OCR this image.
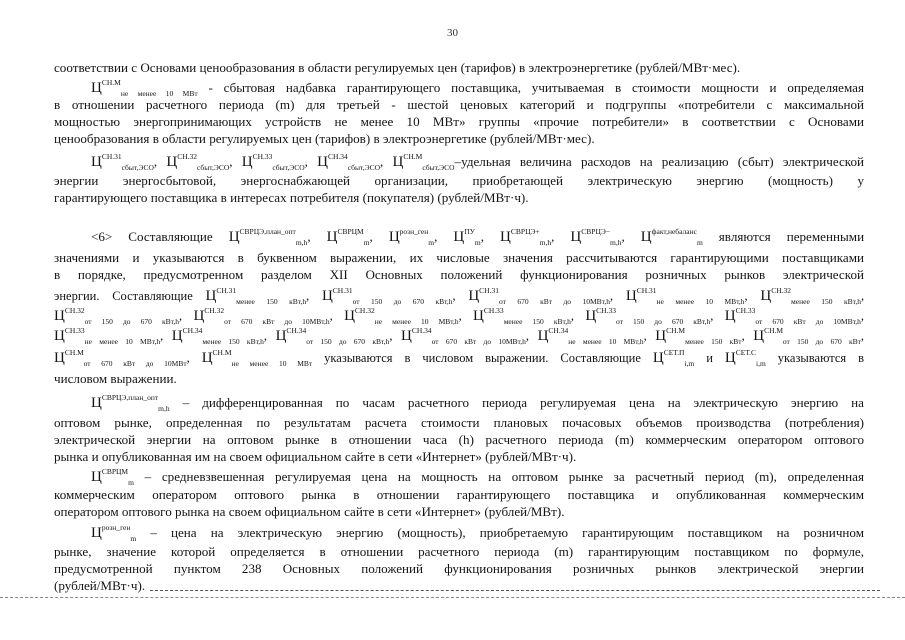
30
соответствии с Основами ценообразования в области регулируемых цен (тарифов) в электроэнергетике (рублей/МВт·мес).
$Ц^{СН.М}_{не менее 10 МВт}$ - сбытовая надбавка гарантирующего поставщика, учитываемая в стоимости мощности и определяемая
в отношении расчетного периода (m) для третьей - шестой ценовых категорий и подгруппы «потребители с максимальной
мощностью энергопринимающих устройств не менее 10 МВт» группы «прочие потребители» в соответствии с Основами
ценообразования в области регулируемых цен (тарифов) в электроэнергетике (рублей/МВт·мес).
$Ц^{СН.31}_{сбыт,ЭСО}$, $Ц^{СН.32}_{сбыт,ЭСО}$, $Ц^{СН.33}_{сбыт,ЭСО}$, $Ц^{СН.34}_{сбыт,ЭСО}$, $Ц^{СН.М}_{сбыт,ЭСО}$–удельная величина расходов на реализацию (сбыт) электрической
энергии энергосбытовой, энергоснабжающей организации, приобретающей электрическую энергию (мощность) у
гарантирующего поставщика в интересах потребителя (покупателя) (рублей/МВт·ч).
<6> Составляющие $Ц^{СВРЦЭ,план\_опт}_{m,h}$, $Ц^{СВРЦМ}_m$, $Ц^{розн\_ген}_m$, $Ц^{ПУ}_m$, $Ц^{СВРЦЭ+}_{m,h}$, $Ц^{СВРЦЭ-}_{m,h}$, $Ц^{факт,небаланс}_m$ являются переменными
значениями и указываются в буквенном выражении, их числовые значения рассчитываются гарантирующими поставщиками
в порядке, предусмотренном разделом XII Основных положений функционирования розничных рынков электрической
энергии. Составляющие $Ц^{СН.31}_{менее 150 кВт,h}$, $Ц^{СН.31}_{от 150 до 670 кВт,h}$, $Ц^{СН.31}_{от 670 кВт до 10МВт,h}$, $Ц^{СН.31}_{не менее 10 МВт,h}$, $Ц^{СН.32}_{менее 150 кВт,h}$,
$Ц^{СН.32}_{от 150 до 670 кВт,h}$, $Ц^{СН.32}_{от 670 кВт до 10МВт,h}$, $Ц^{СН.32}_{не менее 10 МВт,h}$, $Ц^{СН.33}_{менее 150 кВт,h}$, $Ц^{СН.33}_{от 150 до 670 кВт,h}$, $Ц^{СН.33}_{от 670 кВт до 10МВт,h}$,
$Ц^{СН.33}_{не менее 10 МВт,h}$, $Ц^{СН.34}_{менее 150 кВт,h}$, $Ц^{СН.34}_{от 150 до 670 кВт,h}$, $Ц^{СН.34}_{от 670 кВт до 10МВт,h}$, $Ц^{СН.34}_{не менее 10 МВт,h}$, $Ц^{СН.М}_{менее 150 кВт}$, $Ц^{СН.М}_{от 150 до 670 кВт}$,
$Ц^{СН.М}_{от 670 кВт до 10МВт}$, $Ц^{СН.М}_{не менее 10 МВт}$ указываются в числовом выражении. Составляющие $Ц^{СЕТ.П}_{i,m}$ и $Ц^{СЕТ.С}_{i,m}$ указываются в
числовом выражении.
$Ц^{СВРЦЭ,план\_опт}_{m,h}$ – дифференцированная по часам расчетного периода регулируемая цена на электрическую энергию на
оптовом рынке, определенная по результатам расчета стоимости плановых почасовых объемов производства (потребления)
электрической энергии на оптовом рынке в отношении часа (h) расчетного периода (m) коммерческим оператором оптового
рынка и опубликованная им на своем официальном сайте в сети «Интернет» (рублей/МВт·ч).
$Ц^{СВРЦМ}_m$ – средневзвешенная регулируемая цена на мощность на оптовом рынке за расчетный период (m), определенная
коммерческим оператором оптового рынка в отношении гарантирующего поставщика и опубликованная коммерческим
оператором оптового рынка на своем официальном сайте в сети «Интернет» (рублей/МВт).
$Ц^{розн\_ген}_m$ – цена на электрическую энергию (мощность), приобретаемую гарантирующим поставщиком на розничном
рынке, значение которой определяется в отношении расчетного периода (m) гарантирующим поставщиком по формуле,
предусмотренной пунктом 238 Основных положений функционирования розничных рынков электрической энергии
(рублей/МВт·ч).
